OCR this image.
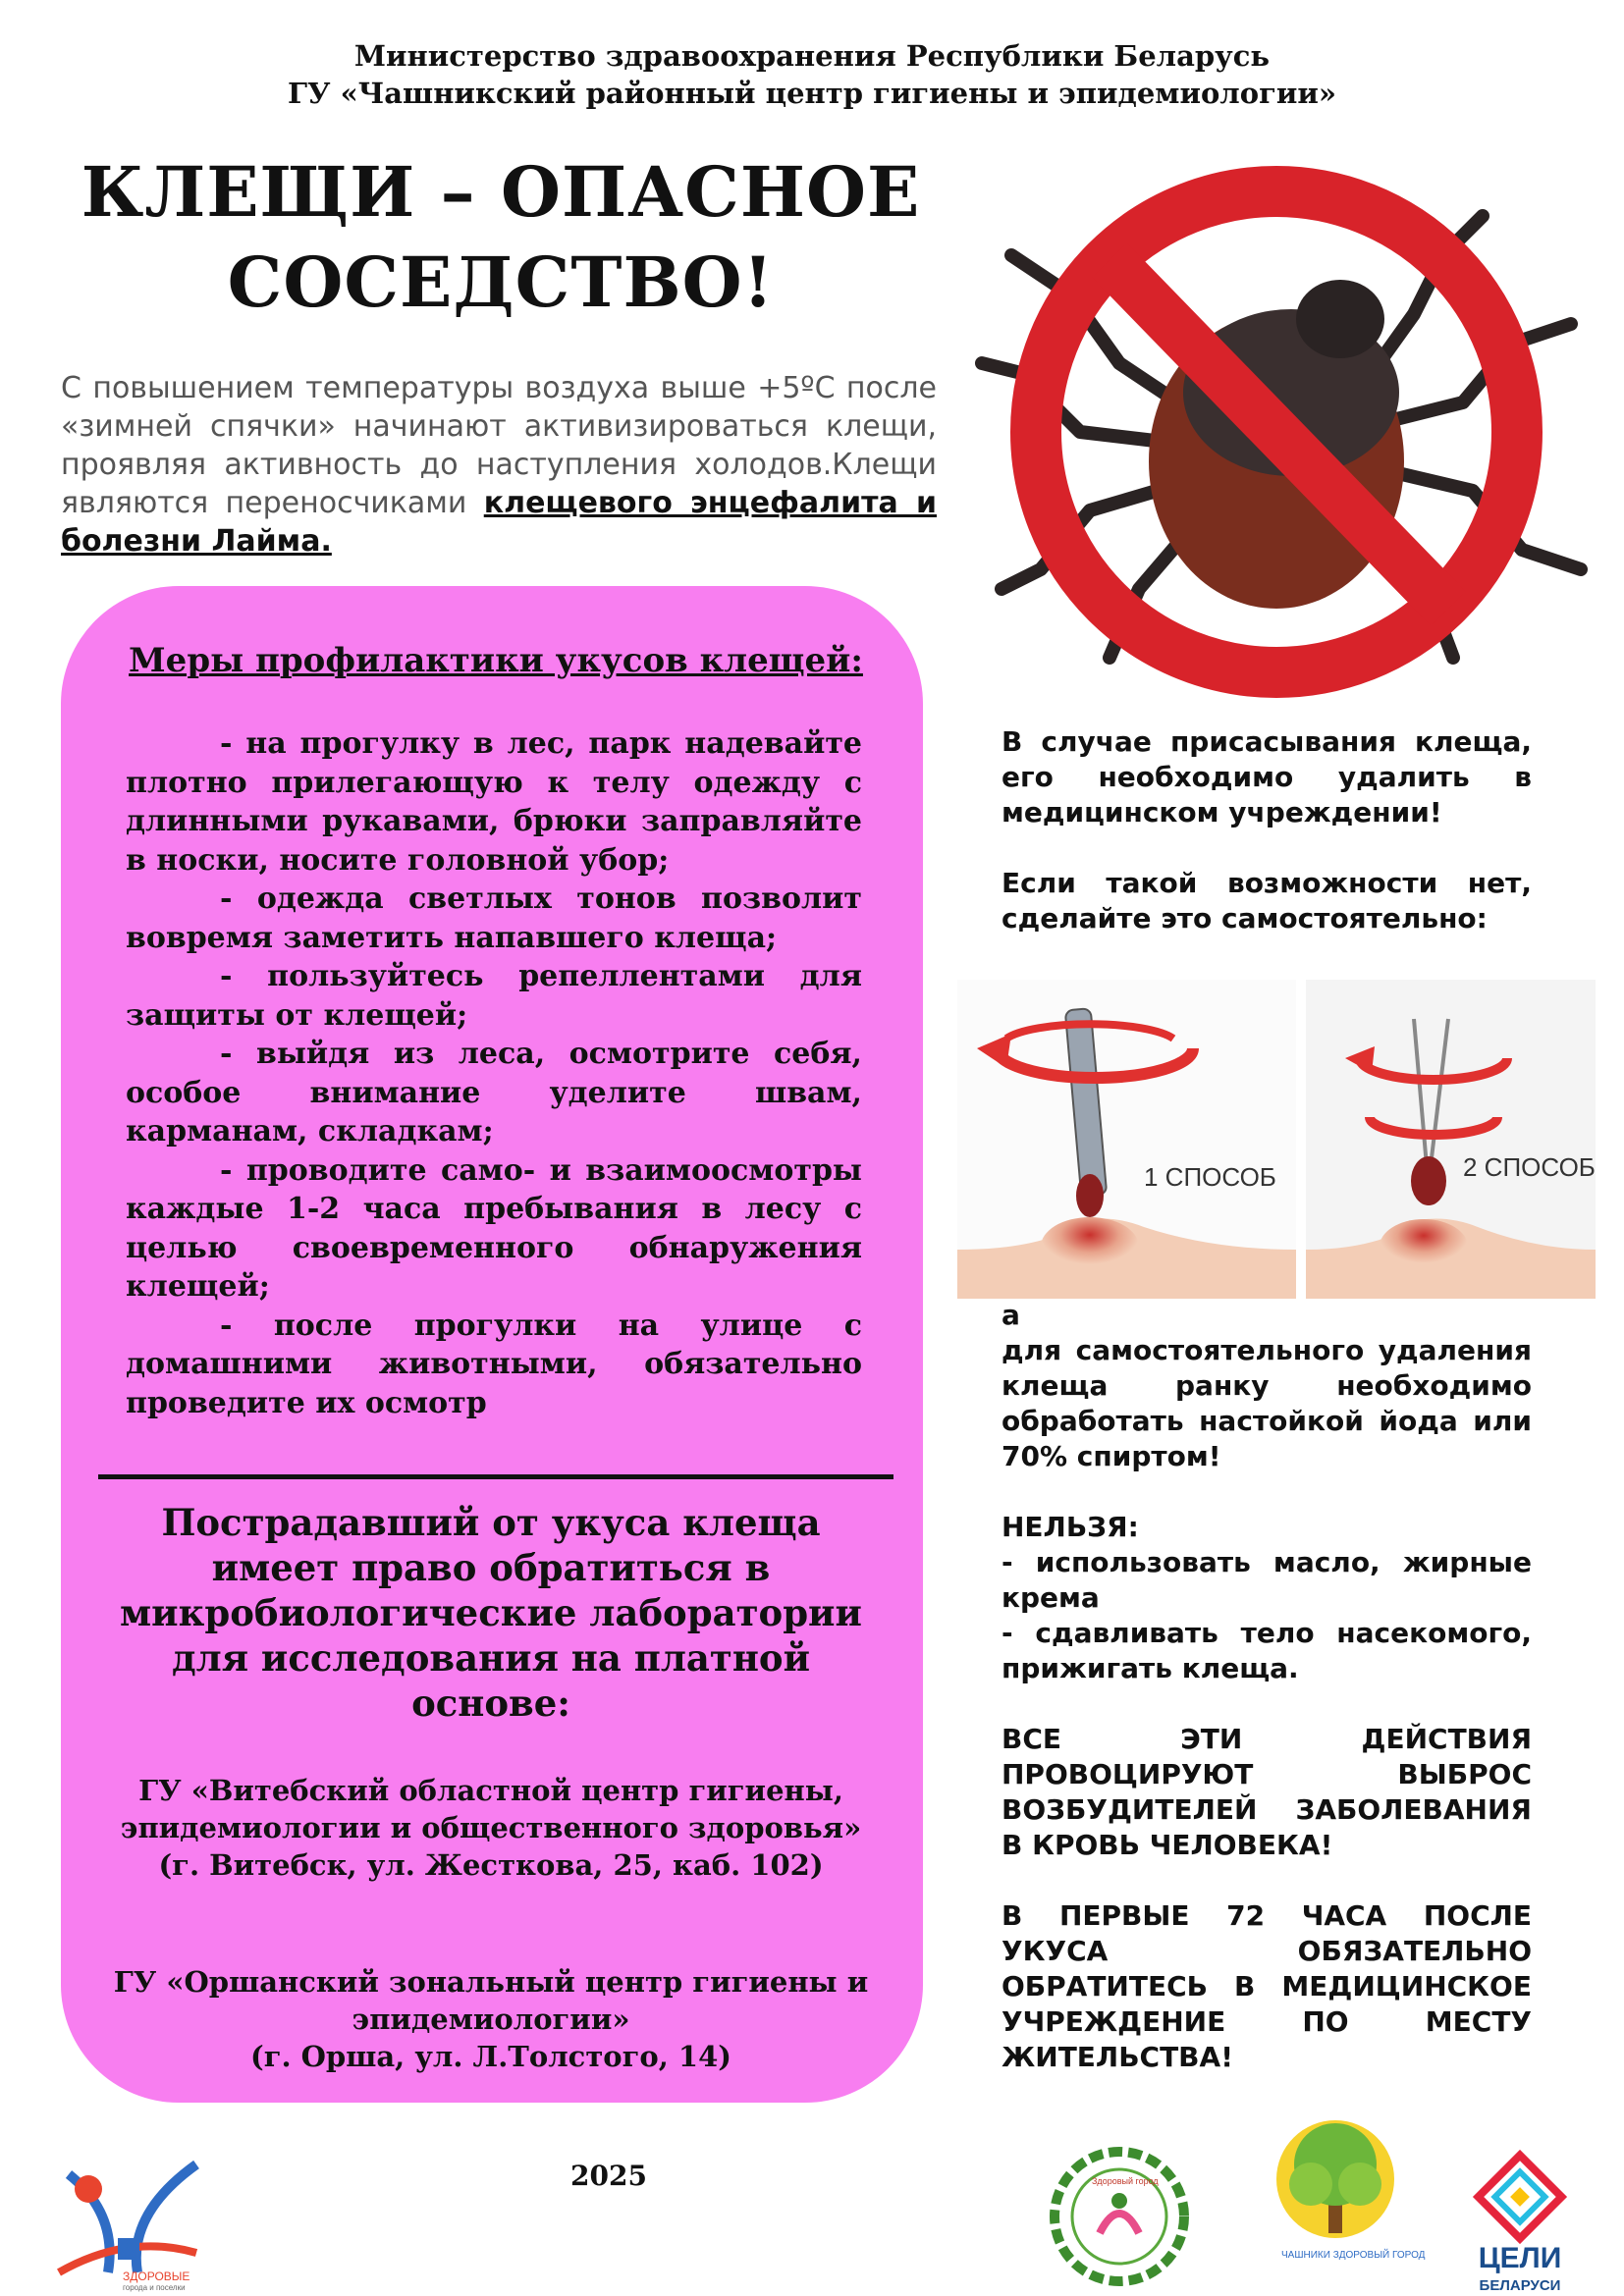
Министерство здравоохранения Республики Беларусь
ГУ «Чашникский районный центр гигиены и эпидемиологии»
КЛЕЩИ – ОПАСНОЕ
СОСЕДСТВО!
С повышением температуры воздуха выше +5ºС после «зимней спячки» начинают активизироваться клещи, проявляя активность до наступления холодов.Клещи являются переносчиками клещевого энцефалита и болезни Лайма.
Меры профилактики укусов клещей:

- на прогулку в лес, парк надевайте плотно прилегающую к телу одежду с длинными рукавами, брюки заправляйте в носки, носите головной убор;

- одежда светлых тонов позволит вовремя заметить напавшего клеща;

- пользуйтесь репеллентами для защиты от клещей;

- выйдя из леса, осмотрите себя, особое внимание уделите швам, карманам, складкам;

- проводите само- и взаимоосмотры каждые 1-2 часа пребывания в лесу с целью своевременного обнаружения клещей;

- после прогулки на улице с домашними животными, обязательно проведите их осмотр

Пострадавший от укуса клеща имеет право обратиться в микробиологические лаборатории для исследования на платной основе:
ГУ «Витебский областной центр гигиены, эпидемиологии и общественного здоровья»
(г. Витебск, ул. Жесткова, 25, каб. 102)
ГУ «Оршанский зональный центр гигиены и эпидемиологии»
(г. Орша, ул. Л.Толстого, 14)
2025

В случае присасывания клеща, его необходимо удалить в медицинском учреждении!

Если такой возможности нет, сделайте это самостоятельно:

1 СПОСОБ	2 СПОСОБ

а

для самостоятельного удаления клеща ранку необходимо обработать настойкой йода или 70% спиртом!

НЕЛЬЗЯ:

- использовать масло, жирные крема

- сдавливать тело насекомого, прижигать клеща.

ВСЕ ЭТИ ДЕЙСТВИЯ ПРОВОЦИРУЮТ ВЫБРОС ВОЗБУДИТЕЛЕЙ ЗАБОЛЕВАНИЯ В КРОВЬ ЧЕЛОВЕКА!

В ПЕРВЫЕ 72 ЧАСА ПОСЛЕ УКУСА ОБЯЗАТЕЛЬНО ОБРАТИТЕСЬ В МЕДИЦИНСКОЕ УЧРЕЖДЕНИЕ ПО МЕСТУ ЖИТЕЛЬСТВА!

ЗДОРОВЫЕ
города и поселки
Здоровый город
ЧАШНИКИ ЗДОРОВЫЙ ГОРОД ЦЕЛИ
БЕЛАРУСИ
